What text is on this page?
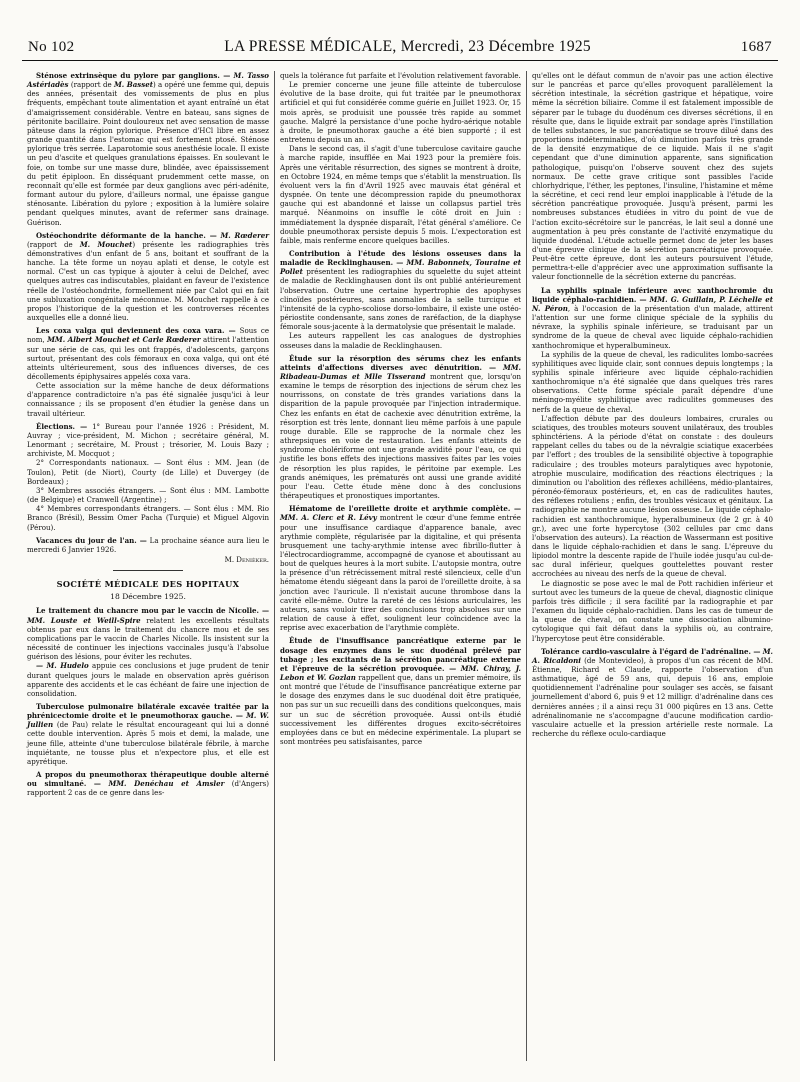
No 102	LA PRESSE MÉDICALE, Mercredi, 23 Décembre 1925	1687

Sténose extrinsèque du pylore par ganglions. — M. Tasso Astériadès (rapport de M. Basset) a opéré une femme qui, depuis des années, présentait des vomissements de plus en plus fréquents, empêchant toute alimentation et ayant entraîné un état d'amaigrissement considérable. Ventre en bateau, sans signes de péritonite bacillaire. Point douloureux net avec sensation de masse pâteuse dans la région pylorique. Présence d'HCl libre en assez grande quantité dans l'estomac qui est fortement ptosé. Sténose pylorique très serrée. Laparotomie sous anesthésie locale. Il existe un peu d'ascite et quelques granulations épaisses. En soulevant le foie, on tombe sur une masse dure, blindée, avec épaississement du petit épiploon. En disséquant prudemment cette masse, on reconnaît qu'elle est formée par deux ganglions avec péri-adénite, formant autour du pylore, d'ailleurs normal, une épaisse gangue sténosante. Libération du pylore ; exposition à la lumière solaire pendant quelques minutes, avant de refermer sans drainage. Guérison.

Ostéochondrite déformante de la hanche. — M. Rœderer (rapport de M. Mouchet) présente les radiographies très démonstratives d'un enfant de 5 ans, boitant et souffrant de la hanche. La tête forme un noyau aplati et dense, le cotyle est normal. C'est un cas typique à ajouter à celui de Delchef, avec quelques autres cas indiscutables, plaidant en faveur de l'existence réelle de l'ostéochondrite, formellement niée par Calot qui en fait une subluxation congénitale méconnue. M. Mouchet rappelle à ce propos l'historique de la question et les controverses récentes auxquelles elle a donné lieu.

Les coxa valga qui deviennent des coxa vara. — Sous ce nom, MM. Albert Mouchet et Carle Rœderer attirent l'attention sur une série de cas, qui les ont frappés, d'adolescents, garçons surtout, présentant des cols fémoraux en coxa valga, qui ont été atteints ultérieurement, sous des influences diverses, de ces décollements épiphysaires appelés coxa vara.

Cette association sur la même hanche de deux déformations d'apparence contradictoire n'a pas été signalée jusqu'ici à leur connaissance ; ils se proposent d'en étudier la genèse dans un travail ultérieur.

Élections. — 1° Bureau pour l'année 1926 : Président, M. Auvray ; vice-président, M. Michon ; secrétaire général, M. Lenormant ; secrétaire, M. Proust ; trésorier, M. Louis Bazy ; archiviste, M. Mocquot ;

2° Correspondants nationaux. — Sont élus : MM. Jean (de Toulon), Petit (de Niort), Courty (de Lille) et Duvergey (de Bordeaux) ;

3° Membres associés étrangers. — Sont élus : MM. Lambotte (de Belgique) et Cranwell (Argentine) ;

4° Membres correspondants étrangers. — Sont élus : MM. Rio Branco (Brésil), Bessim Omer Pacha (Turquie) et Miguel Algovin (Pérou).

Vacances du jour de l'an. — La prochaine séance aura lieu le mercredi 6 Janvier 1926.

M. Denièker.
SOCIÉTÉ MÉDICALE DES HOPITAUX
18 Décembre 1925.

Le traitement du chancre mou par le vaccin de Nicolle. — MM. Louste et Weill-Spire relatent les excellents résultats obtenus par eux dans le traitement du chancre mou et de ses complications par le vaccin de Charles Nicolle. Ils insistent sur la nécessité de continuer les injections vaccinales jusqu'à l'absolue guérison des lésions, pour éviter les rechutes.

— M. Hudelo appuie ces conclusions et juge prudent de tenir durant quelques jours le malade en observation après guérison apparente des accidents et le cas échéant de faire une injection de consolidation.

Tuberculose pulmonaire bilatérale excavée traitée par la phrénicectomie droite et le pneumothorax gauche. — M. W. Jullien (de Pau) relate le résultat encourageant qui lui a donné cette double intervention. Après 5 mois et demi, la malade, une jeune fille, atteinte d'une tuberculose bilatérale fébrile, à marche inquiétante, ne tousse plus et n'expectore plus, et elle est apyrétique.

A propos du pneumothorax thérapeutique double alterné ou simultané. — MM. Denéchau et Amsler (d'Angers) rapportent 2 cas de ce genre dans les-

quels la tolérance fut parfaite et l'évolution relativement favorable.

Le premier concerne une jeune fille atteinte de tuberculose évolutive de la base droite, qui fut traitée par le pneumothorax artificiel et qui fut considérée comme guérie en Juillet 1923. Or, 15 mois après, se produisit une poussée très rapide au sommet gauche. Malgré la persistance d'une poche hydro-aérique notable à droite, le pneumothorax gauche a été bien supporté ; il est entretenu depuis un an.

Dans le second cas, il s'agit d'une tuberculose cavitaire gauche à marche rapide, insufflée en Mai 1923 pour la première fois. Après une véritable résurrection, des signes se montrent à droite, en Octobre 1924, en même temps que s'établit la menstruation. Ils évoluent vers la fin d'Avril 1925 avec mauvais état général et dyspnée. On tente une décompression rapide du pneumothorax gauche qui est abandonné et laisse un collapsus partiel très marqué. Néanmoins on insuffle le côté droit en Juin : immédiatement la dyspnée disparaît, l'état général s'améliore. Ce double pneumothorax persiste depuis 5 mois. L'expectoration est faible, mais renferme encore quelques bacilles.

Contribution à l'étude des lésions osseuses dans la maladie de Recklinghausen. — MM. Babonneix, Touraine et Pollet présentent les radiographies du squelette du sujet atteint de maladie de Recklinghausen dont ils ont publié antérieurement l'observation. Outre une certaine hypertrophie des apophyses clinoïdes postérieures, sans anomalies de la selle turcique et l'intensité de la cypho-scoliose dorso-lombaire, il existe une ostéo-périostite condensante, sans zones de raréfaction, de la diaphyse fémorale sous-jacente à la dermatolysie que présentait le malade.

Les auteurs rappellent les cas analogues de dystrophies osseuses dans la maladie de Recklinghausen.

Étude sur la résorption des sérums chez les enfants atteints d'affections diverses avec dénutrition. — MM. Ribadeau-Dumas et Mlle Tisserand montrent que, lorsqu'on examine le temps de résorption des injections de sérum chez les nourrissons, on constate de très grandes variations dans la disparition de la papule provoquée par l'injection intradermique. Chez les enfants en état de cachexie avec dénutrition extrême, la résorption est très lente, donnant lieu même parfois à une papule rouge durable. Elle se rapproche de la normale chez les athrepsiques en voie de restauration. Les enfants atteints de syndrome cholériforme ont une grande avidité pour l'eau, ce qui justifie les bons effets des injections massives faites par les voies de résorption les plus rapides, le péritoine par exemple. Les grands anémiques, les prématurés ont aussi une grande avidité pour l'eau. Cette étude mène donc à des conclusions thérapeutiques et pronostiques importantes.

Hématome de l'oreillette droite et arythmie complète. — MM. A. Clerc et R. Lévy montrent le cœur d'une femme entrée pour une insuffisance cardiaque d'apparence banale, avec arythmie complète, régularisée par la digitaline, et qui présenta brusquement une tachy-arythmie intense avec fibrillo-flutter à l'électrocardiogramme, accompagné de cyanose et aboutissant au bout de quelques heures à la mort subite. L'autopsie montra, outre la présence d'un rétrécissement mitral resté silencieux, celle d'un hématome étendu siégeant dans la paroi de l'oreillette droite, à sa jonction avec l'auricule. Il n'existait aucune thrombose dans la cavité elle-même. Outre la rareté de ces lésions auriculaires, les auteurs, sans vouloir tirer des conclusions trop absolues sur une relation de cause à effet, soulignent leur coïncidence avec la reprise avec exacerbation de l'arythmie complète.

Étude de l'insuffisance pancréatique externe par le dosage des enzymes dans le suc duodénal prélevé par tubage ; les excitants de la sécrétion pancréatique externe et l'épreuve de la sécrétion provoquée. — MM. Chiray, J. Lebon et W. Gozlan rappellent que, dans un premier mémoire, ils ont montré que l'étude de l'insuffisance pancréatique externe par le dosage des enzymes dans le suc duodénal doit être pratiquée, non pas sur un suc recueilli dans des conditions quelconques, mais sur un suc de sécrétion provoquée. Aussi ont-ils étudié successivement les différentes drogues excito-sécrétoires employées dans ce but en médecine expérimentale. La plupart se sont montrées peu satisfaisantes, parce

qu'elles ont le défaut commun de n'avoir pas une action élective sur le pancréas et parce qu'elles provoquent parallèlement la sécrétion intestinale, la sécrétion gastrique et hépatique, voire même la sécrétion biliaire. Comme il est fatalement impossible de séparer par le tubage du duodénum ces diverses sécrétions, il en résulte que, dans le liquide extrait par sondage après l'instillation de telles substances, le suc pancréatique se trouve dilué dans des proportions indéterminables, d'où diminution parfois très grande de la densité enzymatique de ce liquide. Mais il ne s'agit cependant que d'une diminution apparente, sans signification pathologique, puisqu'on l'observe souvent chez des sujets normaux. De cette grave critique sont passibles l'acide chlorhydrique, l'éther, les peptones, l'insuline, l'histamine et même la sécrétine, et ceci rend leur emploi inapplicable à l'étude de la sécrétion pancréatique provoquée. Jusqu'à présent, parmi les nombreuses substances étudiées in vitro du point de vue de l'action excito-sécrétoire sur le pancréas, le lait seul a donné une augmentation à peu près constante de l'activité enzymatique du liquide duodénal. L'étude actuelle permet donc de jeter les bases d'une épreuve clinique de la sécrétion pancréatique provoquée. Peut-être cette épreuve, dont les auteurs poursuivent l'étude, permettra-t-elle d'apprécier avec une approximation suffisante la valeur fonctionnelle de la sécrétion externe du pancréas.

La syphilis spinale inférieure avec xanthochromie du liquide céphalo-rachidien. — MM. G. Guillain, P. Léchelle et N. Péron, à l'occasion de la présentation d'un malade, attirent l'attention sur une forme clinique spéciale de la syphilis du névraxe, la syphilis spinale inférieure, se traduisant par un syndrome de la queue de cheval avec liquide céphalo-rachidien xanthochromique et hyperalbumineux.

La syphilis de la queue de cheval, les radiculites lombo-sacrées syphilitiques avec liquide clair, sont connues depuis longtemps ; la syphilis spinale inférieure avec liquide céphalo-rachidien xanthochromique n'a été signalée que dans quelques très rares observations. Cette forme spéciale paraît dépendre d'une méningo-myélite syphilitique avec radiculites gommeuses des nerfs de la queue de cheval.

L'affection débute par des douleurs lombaires, crurales ou sciatiques, des troubles moteurs souvent unilatéraux, des troubles sphinctériens. A la période d'état on constate : des douleurs rappelant celles du tabes ou de la névralgie sciatique exacerbées par l'effort ; des troubles de la sensibilité objective à topographie radiculaire ; des troubles moteurs paralytiques avec hypotonie, atrophie musculaire, modification des réactions électriques ; la diminution ou l'abolition des réflexes achilléens, médio-plantaires, péronéo-fémoraux postérieurs, et, en cas de radiculites hautes, des réflexes rotuliens ; enfin, des troubles vésicaux et génitaux. La radiographie ne montre aucune lésion osseuse. Le liquide céphalo-rachidien est xanthochromique, hyperalbumineux (de 2 gr. à 40 gr.), avec une forte hypercytose (302 cellules par cmc dans l'observation des auteurs). La réaction de Wassermann est positive dans le liquide céphalo-rachidien et dans le sang. L'épreuve du lipiodol montre la descente rapide de l'huile iodée jusqu'au cul-de-sac dural inférieur, quelques gouttelettes pouvant rester accrochées au niveau des nerfs de la queue de cheval.

Le diagnostic se pose avec le mal de Pott rachidien inférieur et surtout avec les tumeurs de la queue de cheval, diagnostic clinique parfois très difficile ; il sera facilité par la radiographie et par l'examen du liquide céphalo-rachidien. Dans les cas de tumeur de la queue de cheval, on constate une dissociation albumino-cytologique qui fait défaut dans la syphilis où, au contraire, l'hypercytose peut être considérable.

Tolérance cardio-vasculaire à l'égard de l'adrénaline. — M. A. Ricaldoni (de Montevideo), à propos d'un cas récent de MM. Étienne, Richard et Claude, rapporte l'observation d'un asthmatique, âgé de 59 ans, qui, depuis 16 ans, emploie quotidiennement l'adrénaline pour soulager ses accès, se faisant journellement d'abord 6, puis 9 et 12 milligr. d'adrénaline dans ces dernières années ; il a ainsi reçu 31 000 piqûres en 13 ans. Cette adrénalinomanie ne s'accompagne d'aucune modification cardio-vasculaire actuelle et la pression artérielle reste normale. La recherche du réflexe oculo-cardiaque
